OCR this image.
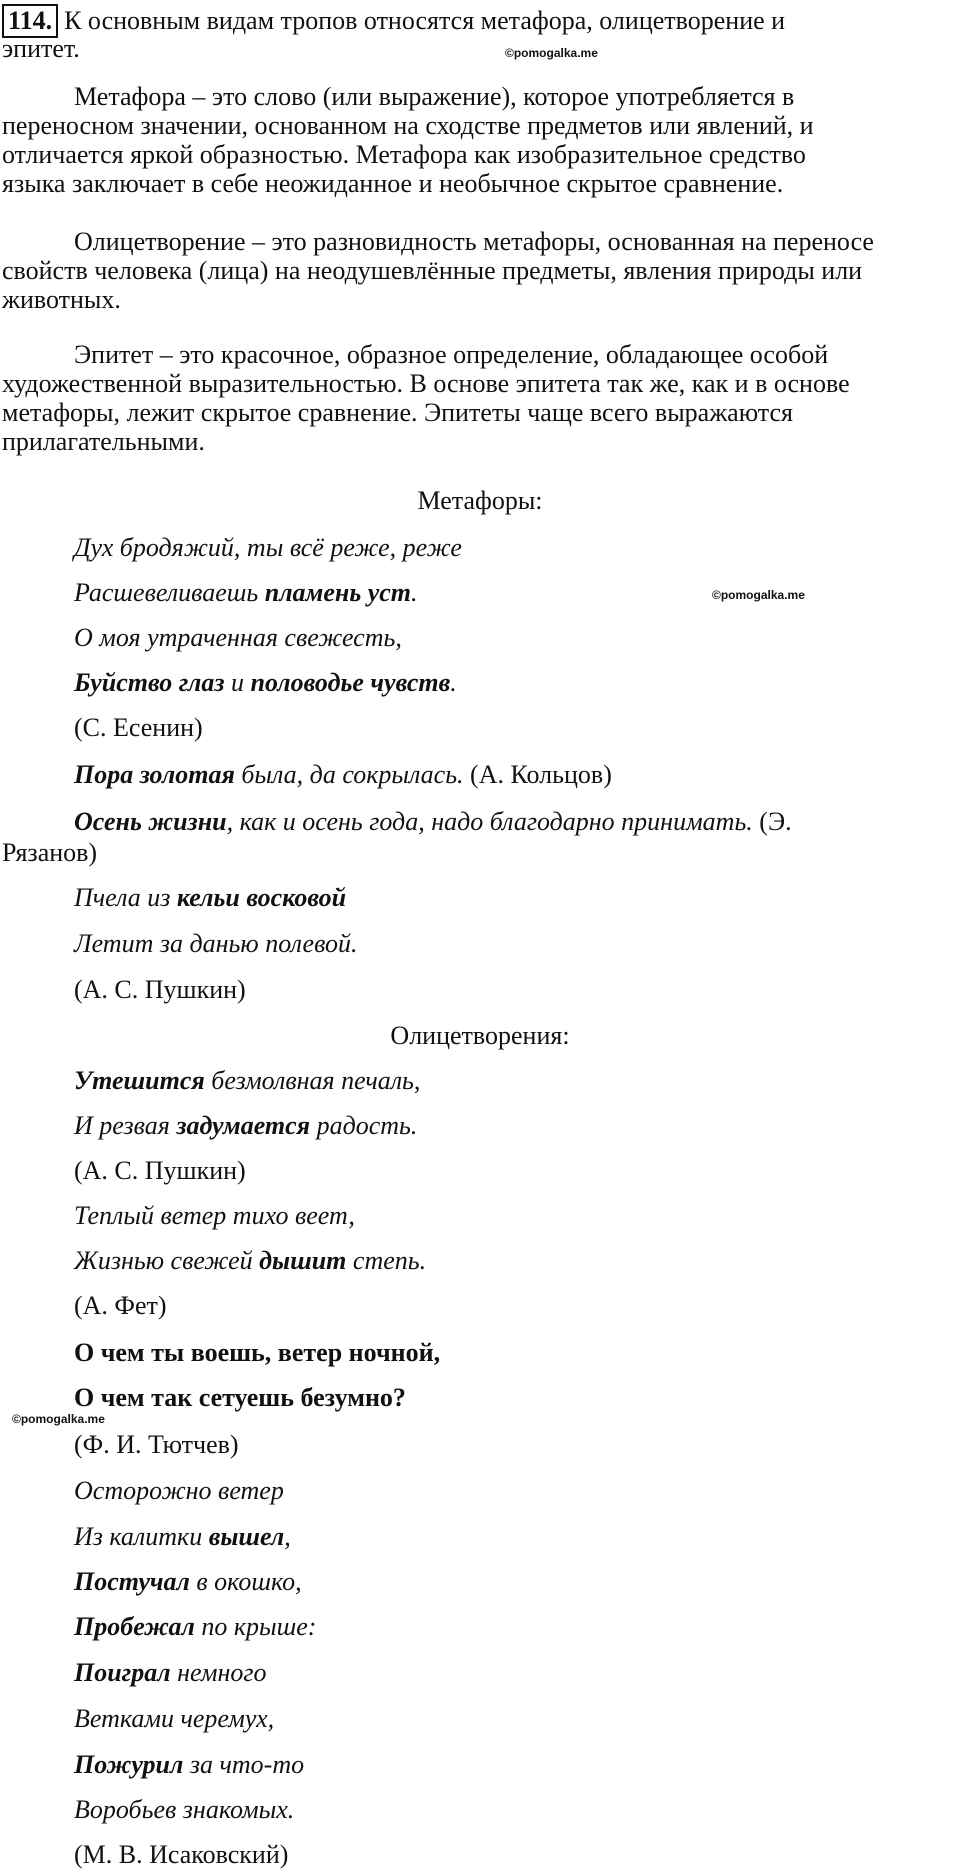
114. К основным видам тропов относятся метафора, олицетворение и
эпитет.	©pomogalka.me
Метафора – это слово (или выражение), которое употребляется в
переносном значении, основанном на сходстве предметов или явлений, и
отличается яркой образностью. Метафора как изобразительное средство
языка заключает в себе неожиданное и необычное скрытое сравнение.
Олицетворение – это разновидность метафоры, основанная на переносе
свойств человека (лица) на неодушевлённые предметы, явления природы или
животных.
Эпитет – это красочное, образное определение, обладающее особой
художественной выразительностью. В основе эпитета так же, как и в основе
метафоры, лежит скрытое сравнение. Эпитеты чаще всего выражаются
прилагательными.
Метафоры:
Дух бродяжий, ты всё реже, реже
Расшевеливаешь пламень уст.	©pomogalka.me
О моя утраченная свежесть,
Буйство глаз и половодье чувств.
(С. Есенин)
Пора золотая была, да сокрылась. (А. Кольцов)
Осень жизни, как и осень года, надо благодарно принимать. (Э.
Рязанов)
Пчела из кельи восковой
Летит за данью полевой.
(А. С. Пушкин)
Олицетворения:
Утешится безмолвная печаль,
И резвая задумается радость.
(А. С. Пушкин)
Теплый ветер тихо веет,
Жизнью свежей дышит степь.
(А. Фет)
О чем ты воешь, ветер ночной,
О чем так сетуешь безумно?
©pomogalka.me
(Ф. И. Тютчев)
Осторожно ветер
Из калитки вышел,
Постучал в окошко,
Пробежал по крыше:
Поиграл немного
Ветками черемух,
Пожурил за что-то
Воробьев знакомых.
(М. В. Исаковский)
